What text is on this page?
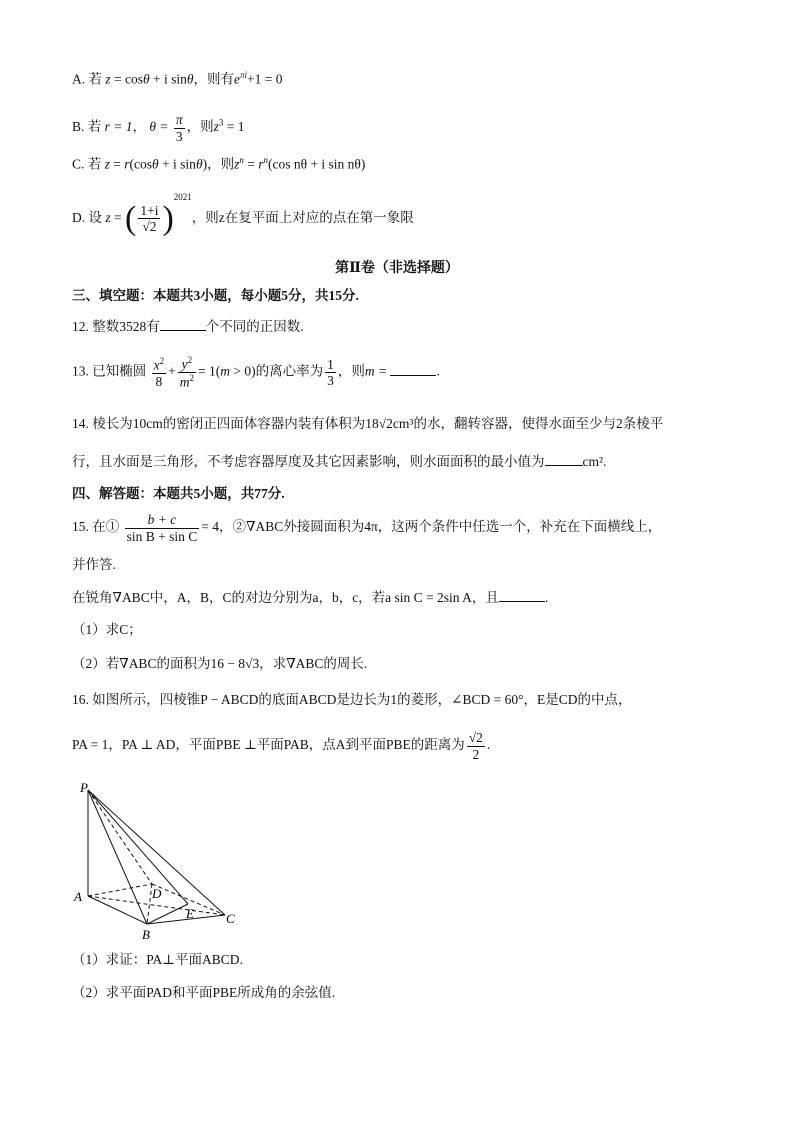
A. 若 z = cosθ + i sinθ，则有$e^{\pi i}+1 = 0$
B. 若 r = 1， $\theta = \frac{\pi}{3}$ ，则$z^3 = 1$
C. 若 z = r(cosθ + i sinθ)，则$z^n = r^n(\cos$ nθ + i sin nθ)
D. 设 z = ( $\frac{1+i}{√2} )^{2021}$，则z在复平面上对应的点在第一象限
第Ⅱ卷（非选择题）
三、填空题：本题共3小题，每小题5分，共15分.
12. 整数3528有	个不同的正因数.
13. 已知椭圆 $\frac{x^2}{8} + \frac{y^2}{m^2} = 1(m > 0)$的离心率为 $\frac{1}{3}$ ，则m =	.
14. 棱长为10cm的密闭正四面体容器内装有体积为18√2cm³的水，翻转容器，使得水面至少与2条棱平
行，且水面是三角形，不考虑容器厚度及其它因素影响，则水面面积的最小值为	cm².
四、解答题：本题共5小题，共77分.
15. 在① $\frac{b + c}{\text{sin B + sin C}} = 4$，②∇ABC外接圆面积为4π，这两个条件中任选一个，补充在下面横线上，
并作答.
在锐角∇ABC中，A，B，C的对边分别为a，b，c，若a sin C = 2sin A，且	.
（1）求C；
（2）若∇ABC的面积为16 − 8√3，求∇ABC的周长.
16. 如图所示，四棱锥P − ABCD的底面ABCD是边长为1的菱形，∠BCD = 60°，E是CD的中点，
PA = 1，PA ⊥ AD，平面PBE ⊥平面PAB，点A到平面PBE的距离为 $\frac{√2}{2}$ .
P
A
B
C
D
E
（1）求证：PA⊥平面ABCD.
（2）求平面PAD和平面PBE所成角的余弦值.
